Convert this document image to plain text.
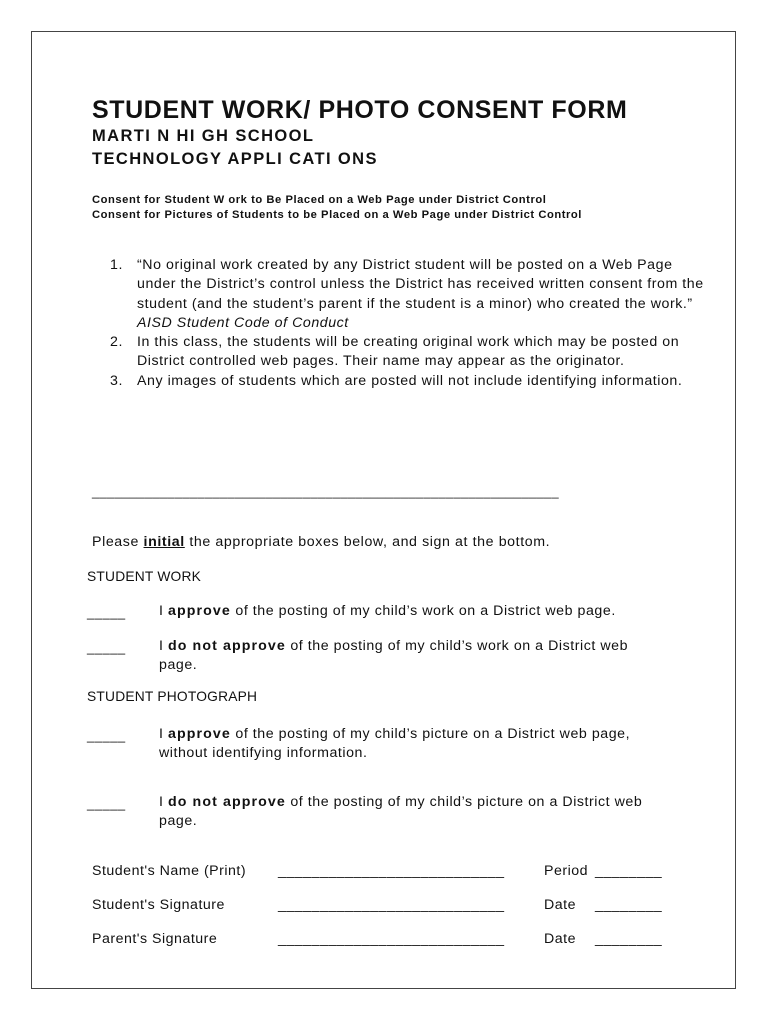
STUDENT WORK/ PHOTO CONSENT FORM
MARTI N HI GH SCHOOL
TECHNOLOGY APPLI CATI ONS
Consent for Student W ork to Be Placed on a Web Page under District Control
Consent for Pictures of Students to be Placed on a Web Page under District Control
1. “No original work created by any District student will be posted on a Web Page under the District’s control unless the District has received written consent from the student (and the student’s parent if the student is a minor) who created the work.” AISD Student Code of Conduct
2. In this class, the students will be creating original work which may be posted on District controlled web pages. Their name may appear as the originator.
3. Any images of students which are posted will not include identifying information.
______________________________________________________________
Please initial the appropriate boxes below, and sign at the bottom.
STUDENT WORK
_____ I approve of the posting of my child’s work on a District web page.
_____ I do not approve of the posting of my child’s work on a District web page.
STUDENT PHOTOGRAPH
_____ I approve of the posting of my child’s picture on a District web page, without identifying information.
_____ I do not approve of the posting of my child’s picture on a District web page.
Student's Name (Print) ___________________________	Period ________
Student's Signature	___________________________	Date ________
Parent's Signature	___________________________	Date ________
